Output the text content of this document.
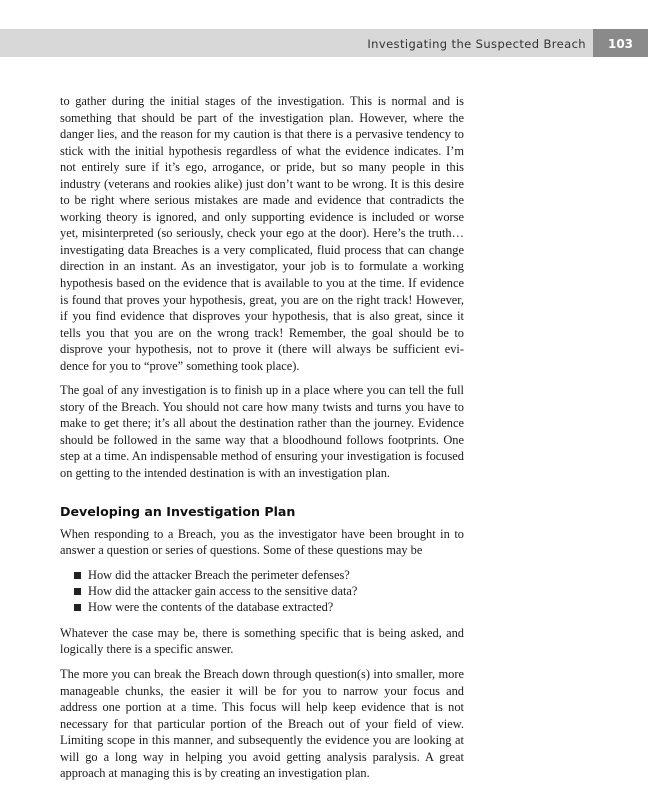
Investigating the Suspected Breach	103

to gather during the initial stages of the investigation. This is normal and is something that should be part of the investigation plan. However, where the danger lies, and the reason for my caution is that there is a pervasive tendency to stick with the initial hypothesis regardless of what the evidence indicates. I’m not entirely sure if it’s ego, arrogance, or pride, but so many people in this industry (veterans and rookies alike) just don’t want to be wrong. It is this desire to be right where serious mistakes are made and evidence that contradicts the working theory is ignored, and only supporting evidence is included or worse yet, misinterpreted (so seriously, check your ego at the door). Here’s the truth…investigating data Breaches is a very complicated, fluid process that can change direction in an instant. As an investigator, your job is to formulate a working hypothesis based on the evidence that is available to you at the time. If evidence is found that proves your hypothesis, great, you are on the right track! However, if you find evidence that disproves your hypothesis, that is also great, since it tells you that you are on the wrong track! Remember, the goal should be to disprove your hypothesis, not to prove it (there will always be sufficient evidence for you to “prove” something took place).

The goal of any investigation is to finish up in a place where you can tell the full story of the Breach. You should not care how many twists and turns you have to make to get there; it’s all about the destination rather than the journey. Evidence should be followed in the same way that a bloodhound follows footprints. One step at a time. An indispensable method of ensuring your investigation is focused on getting to the intended destination is with an investigation plan.

Developing an Investigation Plan

When responding to a Breach, you as the investigator have been brought in to answer a question or series of questions. Some of these questions may be

How did the attacker Breach the perimeter defenses?
How did the attacker gain access to the sensitive data?
How were the contents of the database extracted?

Whatever the case may be, there is something specific that is being asked, and logically there is a specific answer.

The more you can break the Breach down through question(s) into smaller, more manageable chunks, the easier it will be for you to narrow your focus and address one portion at a time. This focus will help keep evidence that is not necessary for that particular portion of the Breach out of your field of view. Limiting scope in this manner, and subsequently the evidence you are looking at will go a long way in helping you avoid getting analysis paralysis. A great approach at managing this is by creating an investigation plan.
